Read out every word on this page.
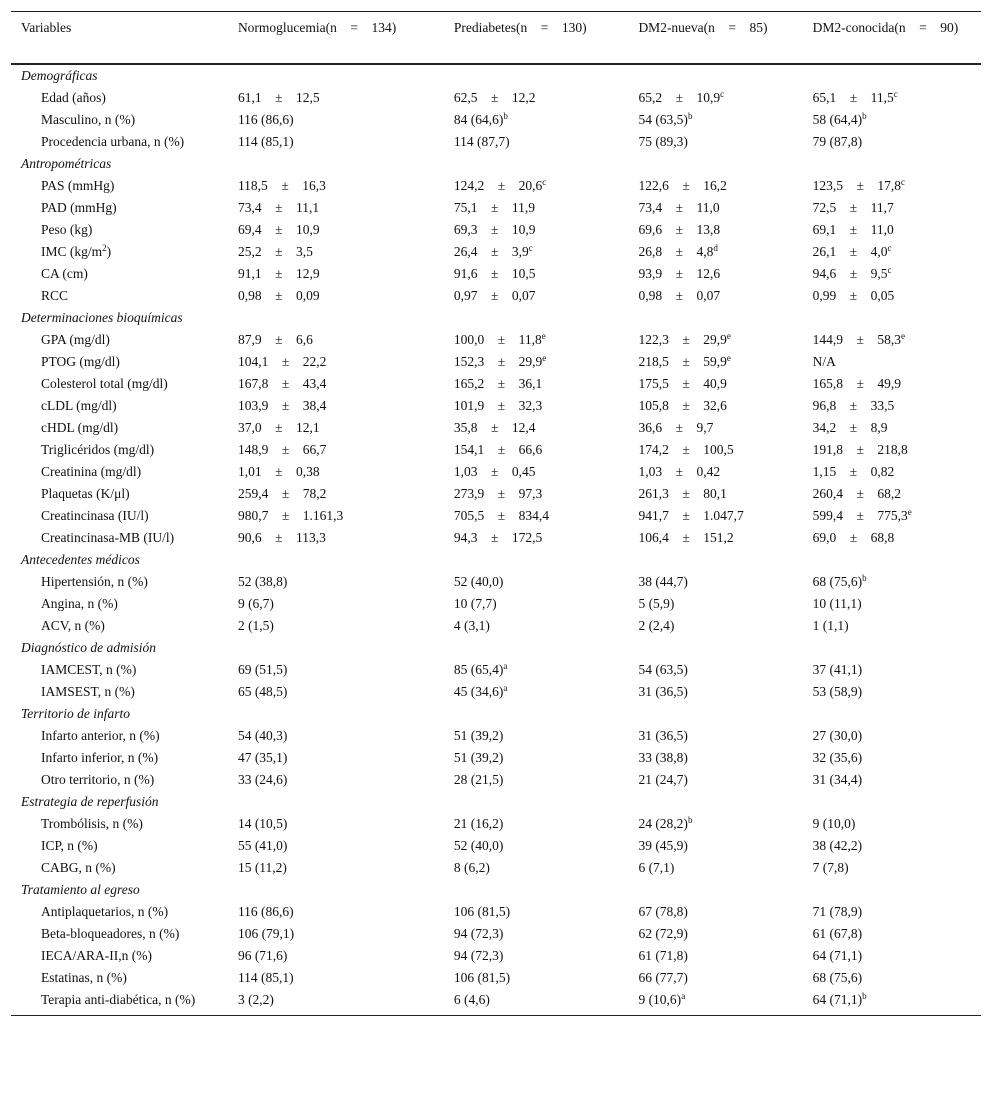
Variables	Normoglucemia(n    =    134)	Prediabetes(n    =    130)	DM2-nueva(n    =    85)	DM2-conocida(n    =    90)
Demográficas				
Edad (años)	61,1    ±    12,5	62,5    ±    12,2	65,2    ±    10,9$^c$	65,1    ±    11,5$^c$
Masculino, n (%)	116 (86,6)	84 $(64,6)^b$	54 $(63,5)^b$	58 $(64,4)^b$
Procedencia urbana, n (%)	114 (85,1)	114 (87,7)	75 (89,3)	79 (87,8)
Antropométricas				
PAS (mmHg)	118,5    ±    16,3	124,2    ±    20,6$^c$	122,6    ±    16,2	123,5    ±    17,8$^c$
PAD (mmHg)	73,4    ±    11,1	75,1    ±    11,9	73,4    ±    11,0	72,5    ±    11,7
Peso (kg)	69,4    ±    10,9	69,3    ±    10,9	69,6    ±    13,8	69,1    ±    11,0
IMC $(kg/m^2)$	25,2    ±    3,5	26,4    ±    3,9$^c$	26,8    ±    4,8$^d$	26,1    ±    4,0$^c$
CA (cm)	91,1    ±    12,9	91,6    ±    10,5	93,9    ±    12,6	94,6    ±    9,5$^c$
RCC	0,98    ±    0,09	0,97    ±    0,07	0,98    ±    0,07	0,99    ±    0,05
Determinaciones bioquímicas				
GPA (mg/dl)	87,9    ±    6,6	100,0    ±    11,8e	122,3    ±    29,9e	144,9    ±    58,3e
PTOG (mg/dl)	104,1    ±    22,2	152,3    ±    29,9e	218,5    ±    59,9e	N/A
Colesterol total (mg/dl)	167,8    ±    43,4	165,2    ±    36,1	175,5    ±    40,9	165,8    ±    49,9
cLDL (mg/dl)	103,9    ±    38,4	101,9    ±    32,3	105,8    ±    32,6	96,8    ±    33,5
cHDL (mg/dl)	37,0    ±    12,1	35,8    ±    12,4	36,6    ±    9,7	34,2    ±    8,9
Triglicéridos (mg/dl)	148,9    ±    66,7	154,1    ±    66,6	174,2    ±    100,5	191,8    ±    218,8
Creatinina (mg/dl)	1,01    ±    0,38	1,03    ±    0,45	1,03    ±    0,42	1,15    ±    0,82
Plaquetas (K/μl)	259,4    ±    78,2	273,9    ±    97,3	261,3    ±    80,1	260,4    ±    68,2
Creatincinasa (IU/l)	980,7    ±    1.161,3	705,5    ±    834,4	941,7    ±    1.047,7	599,4    ±    775,3e
Creatincinasa-MB (IU/l)	90,6    ±    113,3	94,3    ±    172,5	106,4    ±    151,2	69,0    ±    68,8
Antecedentes médicos				
Hipertensión, n (%)	52 (38,8)	52 (40,0)	38 (44,7)	68 $(75,6)^b$
Angina, n (%)	9 (6,7)	10 (7,7)	5 (5,9)	10 (11,1)
ACV, n (%)	2 (1,5)	4 (3,1)	2 (2,4)	1 (1,1)
Diagnóstico de admisión				
IAMCEST, n (%)	69 (51,5)	85 $(65,4)^a$	54 (63,5)	37 (41,1)
IAMSEST, n (%)	65 (48,5)	45 $(34,6)^a$	31 (36,5)	53 (58,9)
Territorio de infarto				
Infarto anterior, n (%)	54 (40,3)	51 (39,2)	31 (36,5)	27 (30,0)
Infarto inferior, n (%)	47 (35,1)	51 (39,2)	33 (38,8)	32 (35,6)
Otro territorio, n (%)	33 (24,6)	28 (21,5)	21 (24,7)	31 (34,4)
Estrategia de reperfusión				
Trombólisis, n (%)	14 (10,5)	21 (16,2)	24 $(28,2)^b$	9 (10,0)
ICP, n (%)	55 (41,0)	52 (40,0)	39 (45,9)	38 (42,2)
CABG, n (%)	15 (11,2)	8 (6,2)	6 (7,1)	7 (7,8)
Tratamiento al egreso				
Antiplaquetarios, n (%)	116 (86,6)	106 (81,5)	67 (78,8)	71 (78,9)
Beta-bloqueadores, n (%)	106 (79,1)	94 (72,3)	62 (72,9)	61 (67,8)
IECA/ARA-II,n (%)	96 (71,6)	94 (72,3)	61 (71,8)	64 (71,1)
Estatinas, n (%)	114 (85,1)	106 (81,5)	66 (77,7)	68 (75,6)
Terapia anti-diabética, n (%)	3 (2,2)	6 (4,6)	9 $(10,6)^a$	64 $(71,1)^b$
